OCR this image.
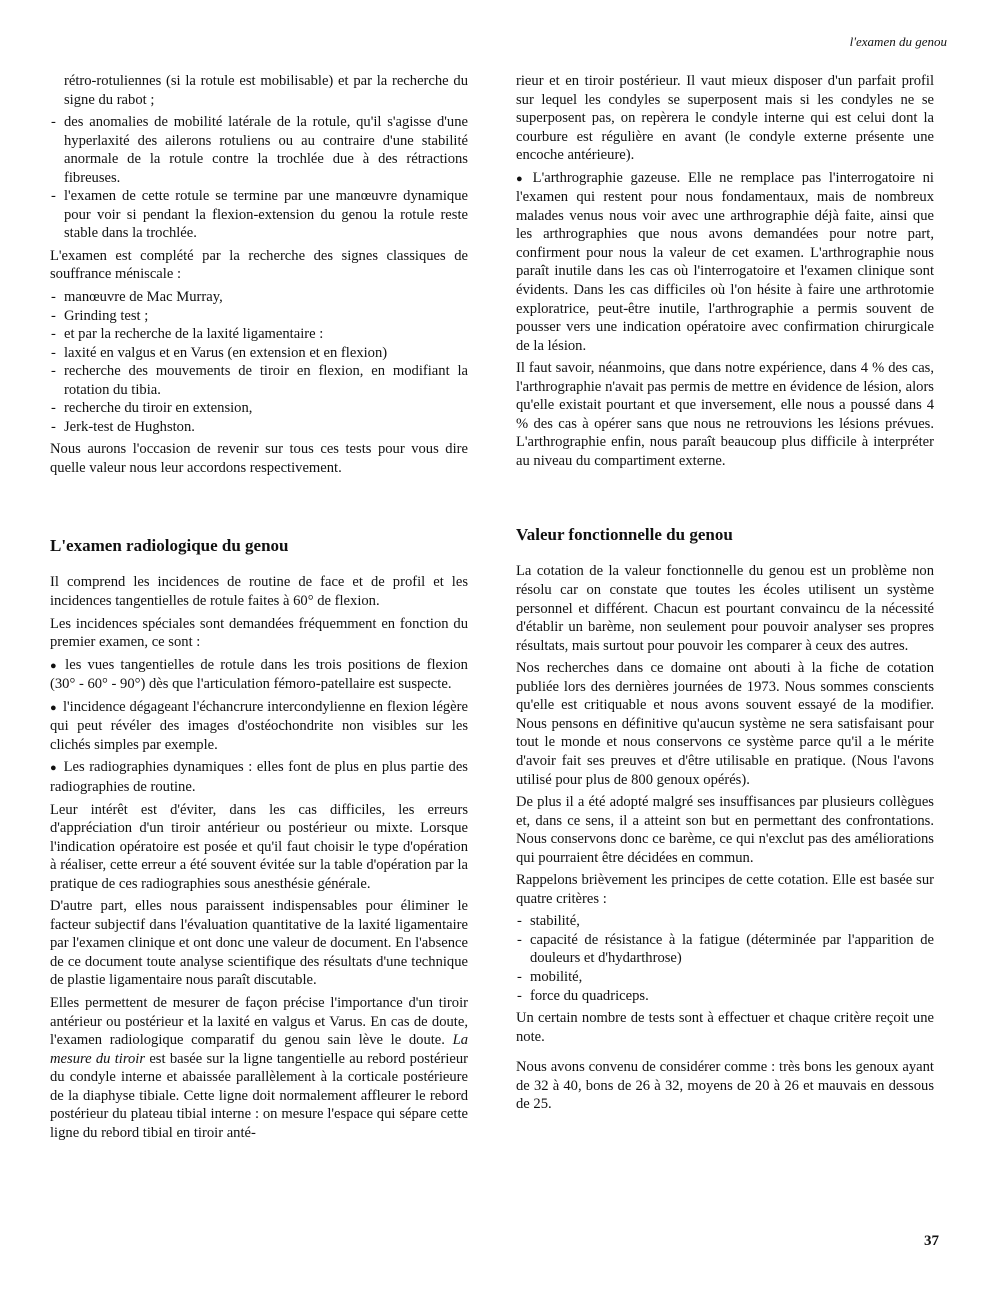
l'examen du genou

rétro-rotuliennes (si la rotule est mobilisable) et par la recherche du signe du rabot ;

- des anomalies de mobilité latérale de la rotule, qu'il s'agisse d'une hyperlaxité des ailerons rotuliens ou au contraire d'une stabilité anormale de la rotule contre la trochlée due à des rétractions fibreuses.
- l'examen de cette rotule se termine par une manœuvre dynamique pour voir si pendant la flexion-extension du genou la rotule reste stable dans la trochlée.

L'examen est complété par la recherche des signes classiques de souffrance méniscale :

- manœuvre de Mac Murray,
- Grinding test ;
- et par la recherche de la laxité ligamentaire :
- laxité en valgus et en Varus (en extension et en flexion)
- recherche des mouvements de tiroir en flexion, en modifiant la rotation du tibia.
- recherche du tiroir en extension,
- Jerk-test de Hughston.

Nous aurons l'occasion de revenir sur tous ces tests pour vous dire quelle valeur nous leur accordons respectivement.

L'examen radiologique du genou

Il comprend les incidences de routine de face et de profil et les incidences tangentielles de rotule faites à 60° de flexion.

Les incidences spéciales sont demandées fréquemment en fonction du premier examen, ce sont :

● les vues tangentielles de rotule dans les trois positions de flexion (30° - 60° - 90°) dès que l'articulation fémoro-patellaire est suspecte.

● l'incidence dégageant l'échancrure intercondylienne en flexion légère qui peut révéler des images d'ostéochondrite non visibles sur les clichés simples par exemple.

● Les radiographies dynamiques : elles font de plus en plus partie des radiographies de routine.

Leur intérêt est d'éviter, dans les cas difficiles, les erreurs d'appréciation d'un tiroir antérieur ou postérieur ou mixte. Lorsque l'indication opératoire est posée et qu'il faut choisir le type d'opération à réaliser, cette erreur a été souvent évitée sur la table d'opération par la pratique de ces radiographies sous anesthésie générale.

D'autre part, elles nous paraissent indispensables pour éliminer le facteur subjectif dans l'évaluation quantitative de la laxité ligamentaire par l'examen clinique et ont donc une valeur de document. En l'absence de ce document toute analyse scientifique des résultats d'une technique de plastie ligamentaire nous paraît discutable.

Elles permettent de mesurer de façon précise l'importance d'un tiroir antérieur ou postérieur et la laxité en valgus et Varus. En cas de doute, l'examen radiologique comparatif du genou sain lève le doute. La mesure du tiroir est basée sur la ligne tangentielle au rebord postérieur du condyle interne et abaissée parallèlement à la corticale postérieure de la diaphyse tibiale. Cette ligne doit normalement affleurer le rebord postérieur du plateau tibial interne : on mesure l'espace qui sépare cette ligne du rebord tibial en tiroir anté-

rieur et en tiroir postérieur. Il vaut mieux disposer d'un parfait profil sur lequel les condyles se superposent mais si les condyles ne se superposent pas, on repèrera le condyle interne qui est celui dont la courbure est régulière en avant (le condyle externe présente une encoche antérieure).

● L'arthrographie gazeuse. Elle ne remplace pas l'interrogatoire ni l'examen qui restent pour nous fondamentaux, mais de nombreux malades venus nous voir avec une arthrographie déjà faite, ainsi que les arthrographies que nous avons demandées pour notre part, confirment pour nous la valeur de cet examen. L'arthrographie nous paraît inutile dans les cas où l'interrogatoire et l'examen clinique sont évidents. Dans les cas difficiles où l'on hésite à faire une arthrotomie exploratrice, peut-être inutile, l'arthrographie a permis souvent de pousser vers une indication opératoire avec confirmation chirurgicale de la lésion.

Il faut savoir, néanmoins, que dans notre expérience, dans 4 % des cas, l'arthrographie n'avait pas permis de mettre en évidence de lésion, alors qu'elle existait pourtant et que inversement, elle nous a poussé dans 4 % des cas à opérer sans que nous ne retrouvions les lésions prévues. L'arthrographie enfin, nous paraît beaucoup plus difficile à interpréter au niveau du compartiment externe.

Valeur fonctionnelle du genou

La cotation de la valeur fonctionnelle du genou est un problème non résolu car on constate que toutes les écoles utilisent un système personnel et différent. Chacun est pourtant convaincu de la nécessité d'établir un barème, non seulement pour pouvoir analyser ses propres résultats, mais surtout pour pouvoir les comparer à ceux des autres.

Nos recherches dans ce domaine ont abouti à la fiche de cotation publiée lors des dernières journées de 1973. Nous sommes conscients qu'elle est critiquable et nous avons souvent essayé de la modifier. Nous pensons en définitive qu'aucun système ne sera satisfaisant pour tout le monde et nous conservons ce système parce qu'il a le mérite d'avoir fait ses preuves et d'être utilisable en pratique. (Nous l'avons utilisé pour plus de 800 genoux opérés).

De plus il a été adopté malgré ses insuffisances par plusieurs collègues et, dans ce sens, il a atteint son but en permettant des confrontations. Nous conservons donc ce barème, ce qui n'exclut pas des améliorations qui pourraient être décidées en commun.

Rappelons brièvement les principes de cette cotation. Elle est basée sur quatre critères :

- stabilité,
- capacité de résistance à la fatigue (déterminée par l'apparition de douleurs et d'hydarthrose)
- mobilité,
- force du quadriceps.

Un certain nombre de tests sont à effectuer et chaque critère reçoit une note.

Nous avons convenu de considérer comme : très bons les genoux ayant de 32 à 40, bons de 26 à 32, moyens de 20 à 26 et mauvais en dessous de 25.

37
